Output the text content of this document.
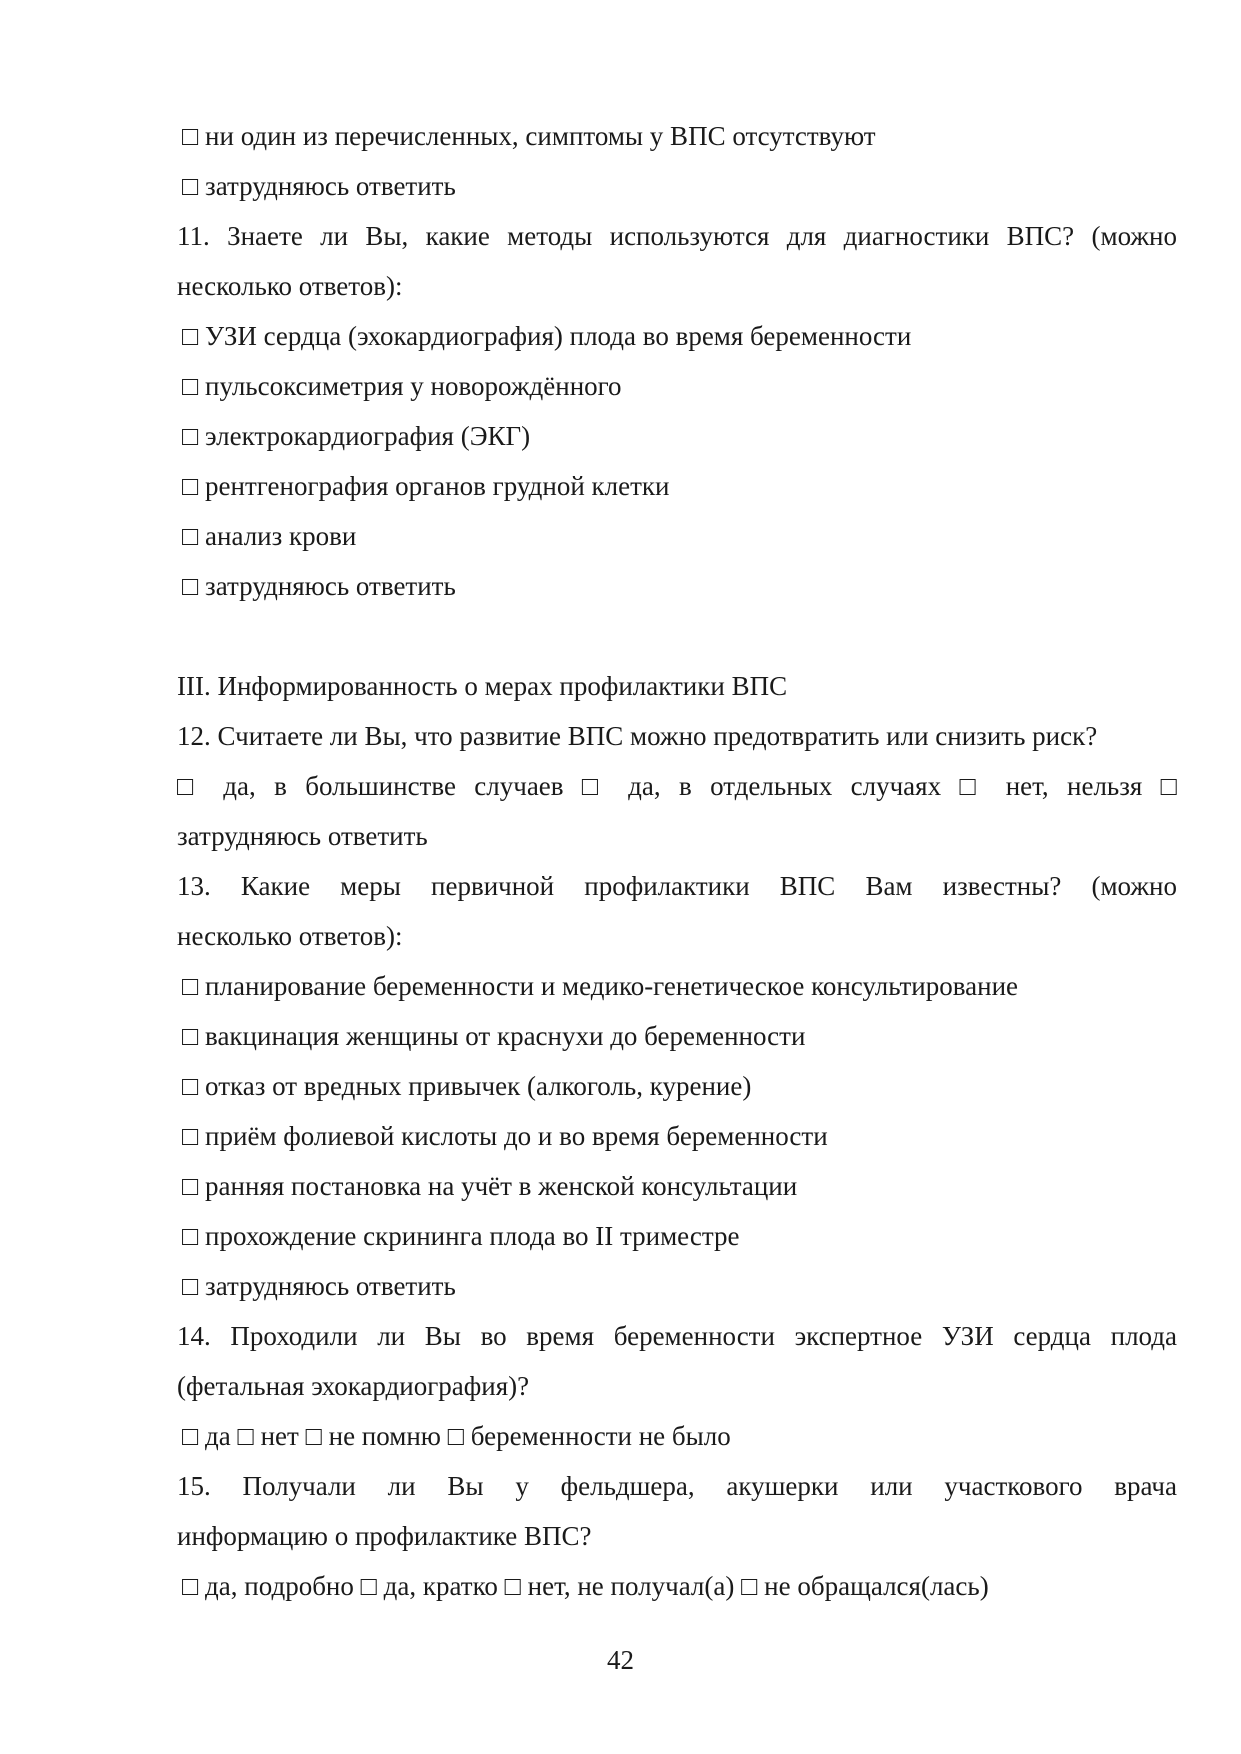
□ ни один из перечисленных, симптомы у ВПС отсутствуют
□ затрудняюсь ответить
11. Знаете ли Вы, какие методы используются для диагностики ВПС? (можно
несколько ответов):
□ УЗИ сердца (эхокардиография) плода во время беременности
□ пульсоксиметрия у новорождённого
□ электрокардиография (ЭКГ)
□ рентгенография органов грудной клетки
□ анализ крови
□ затрудняюсь ответить
III. Информированность о мерах профилактики ВПС
12. Считаете ли Вы, что развитие ВПС можно предотвратить или снизить риск?
□ да, в большинстве случаев □ да, в отдельных случаях □ нет, нельзя □
затрудняюсь ответить
13. Какие меры первичной профилактики ВПС Вам известны? (можно
несколько ответов):
□ планирование беременности и медико-генетическое консультирование
□ вакцинация женщины от краснухи до беременности
□ отказ от вредных привычек (алкоголь, курение)
□ приём фолиевой кислоты до и во время беременности
□ ранняя постановка на учёт в женской консультации
□ прохождение скрининга плода во II триместре
□ затрудняюсь ответить
14. Проходили ли Вы во время беременности экспертное УЗИ сердца плода
(фетальная эхокардиография)?
□ да □ нет □ не помню □ беременности не было
15. Получали ли Вы у фельдшера, акушерки или участкового врача
информацию о профилактике ВПС?
□ да, подробно □ да, кратко □ нет, не получал(а) □ не обращался(лась)
42
